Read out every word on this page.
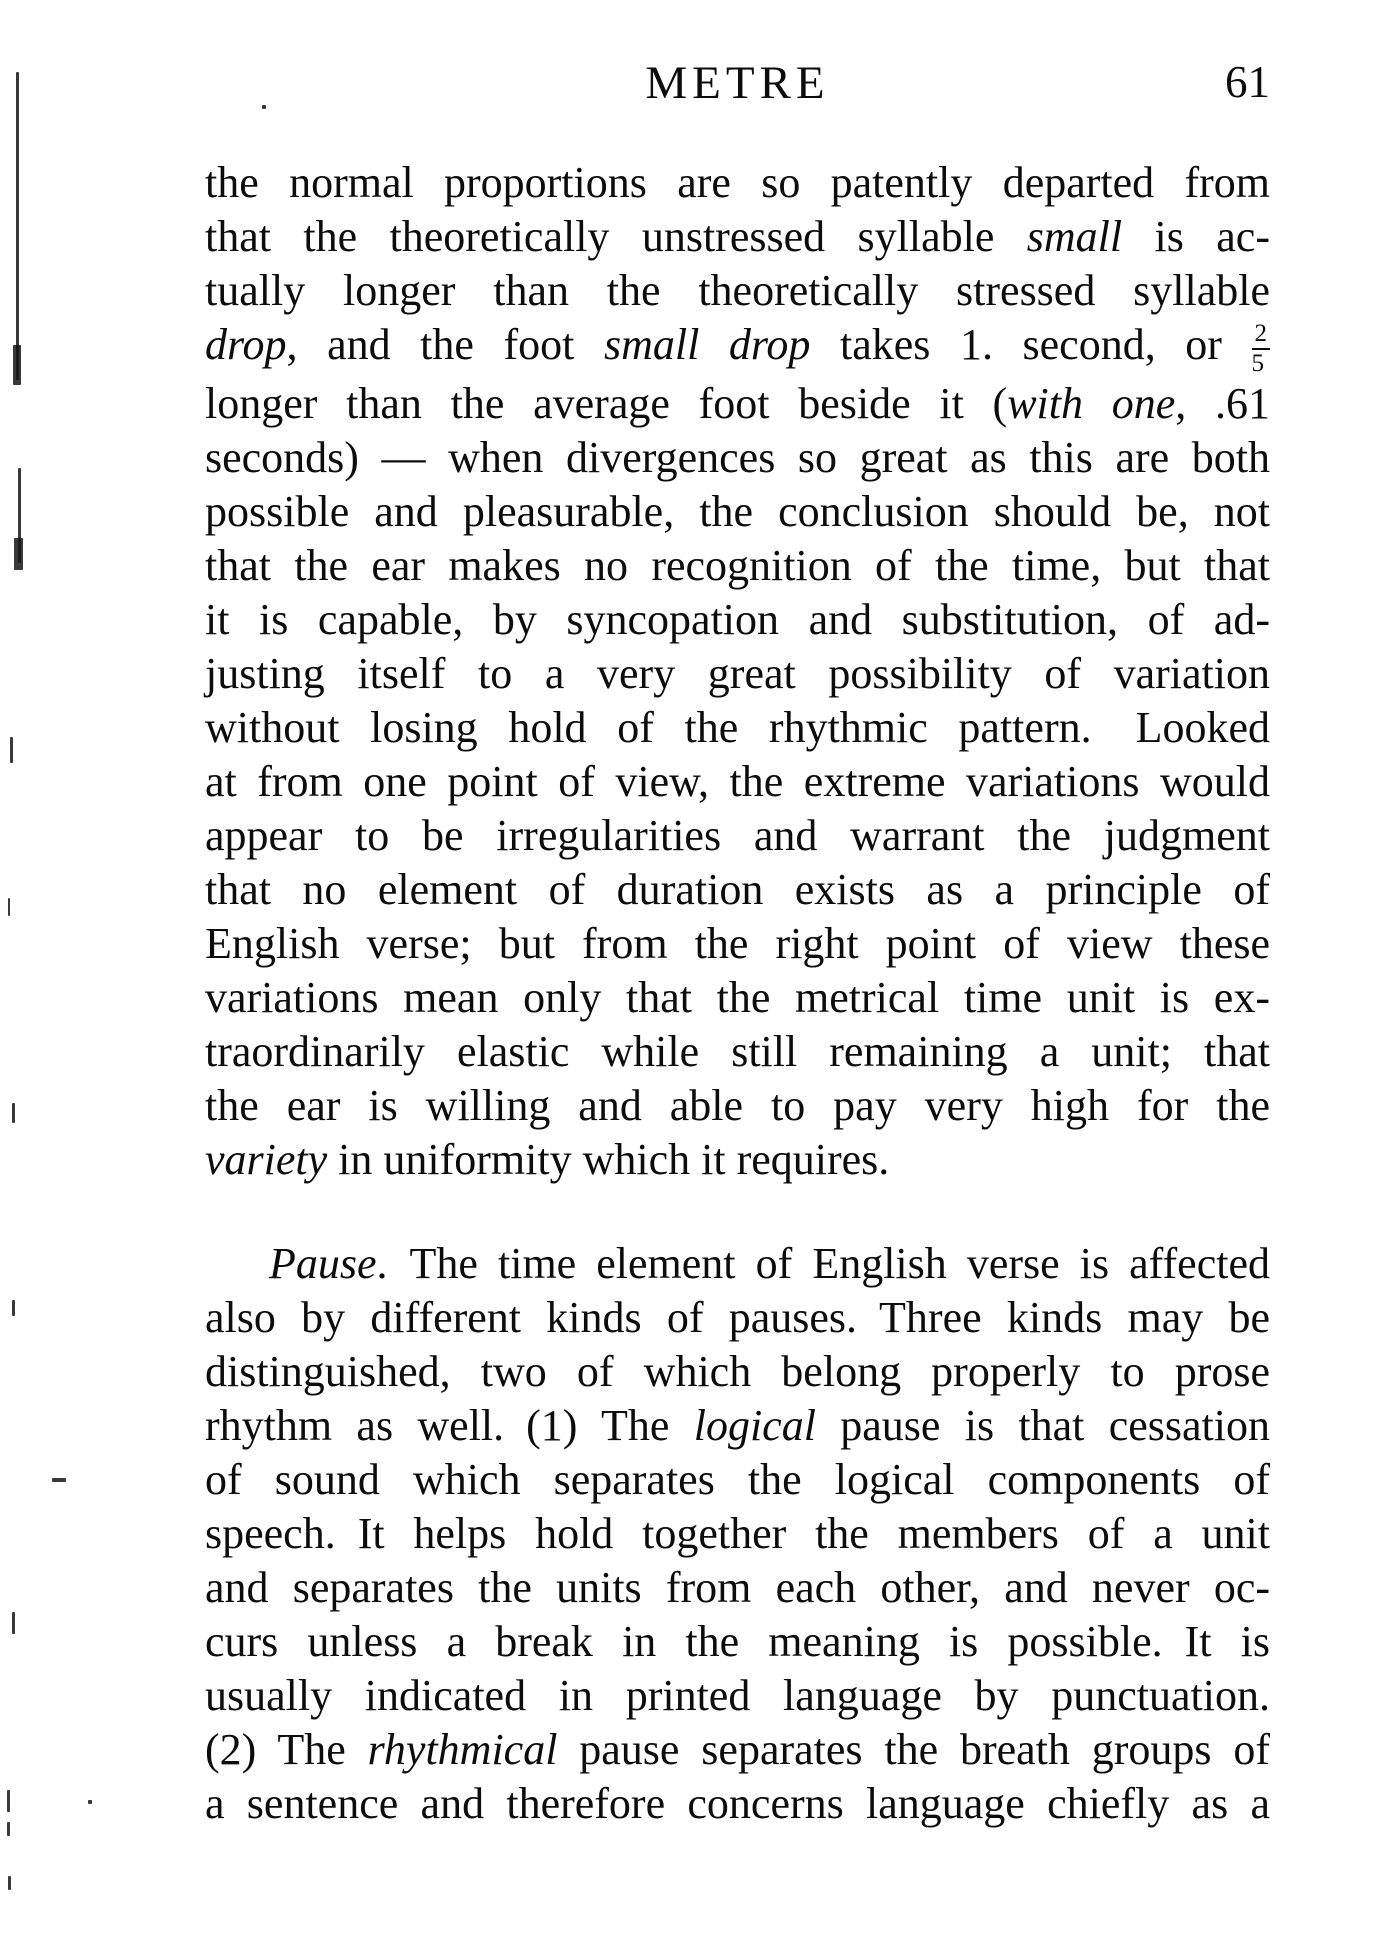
METRE	61
the normal proportions are so patently departed from
that the theoretically unstressed syllable small is ac-
tually longer than the theoretically stressed syllable
drop, and the foot small drop takes 1. second, or $\frac{2}{5}$
longer than the average foot beside it (with one, .61
seconds) — when divergences so great as this are both
possible and pleasurable, the conclusion should be, not
that the ear makes no recognition of the time, but that
it is capable, by syncopation and substitution, of ad-
justing itself to a very great possibility of variation
without losing hold of the rhythmic pattern. Looked
at from one point of view, the extreme variations would
appear to be irregularities and warrant the judgment
that no element of duration exists as a principle of
English verse; but from the right point of view these
variations mean only that the metrical time unit is ex-
traordinarily elastic while still remaining a unit; that
the ear is willing and able to pay very high for the
variety in uniformity which it requires.
Pause. The time element of English verse is affected
also by different kinds of pauses. Three kinds may be
distinguished, two of which belong properly to prose
rhythm as well. (1) The logical pause is that cessation
of sound which separates the logical components of
speech. It helps hold together the members of a unit
and separates the units from each other, and never oc-
curs unless a break in the meaning is possible. It is
usually indicated in printed language by punctuation.
(2) The rhythmical pause separates the breath groups of
a sentence and therefore concerns language chiefly as a
